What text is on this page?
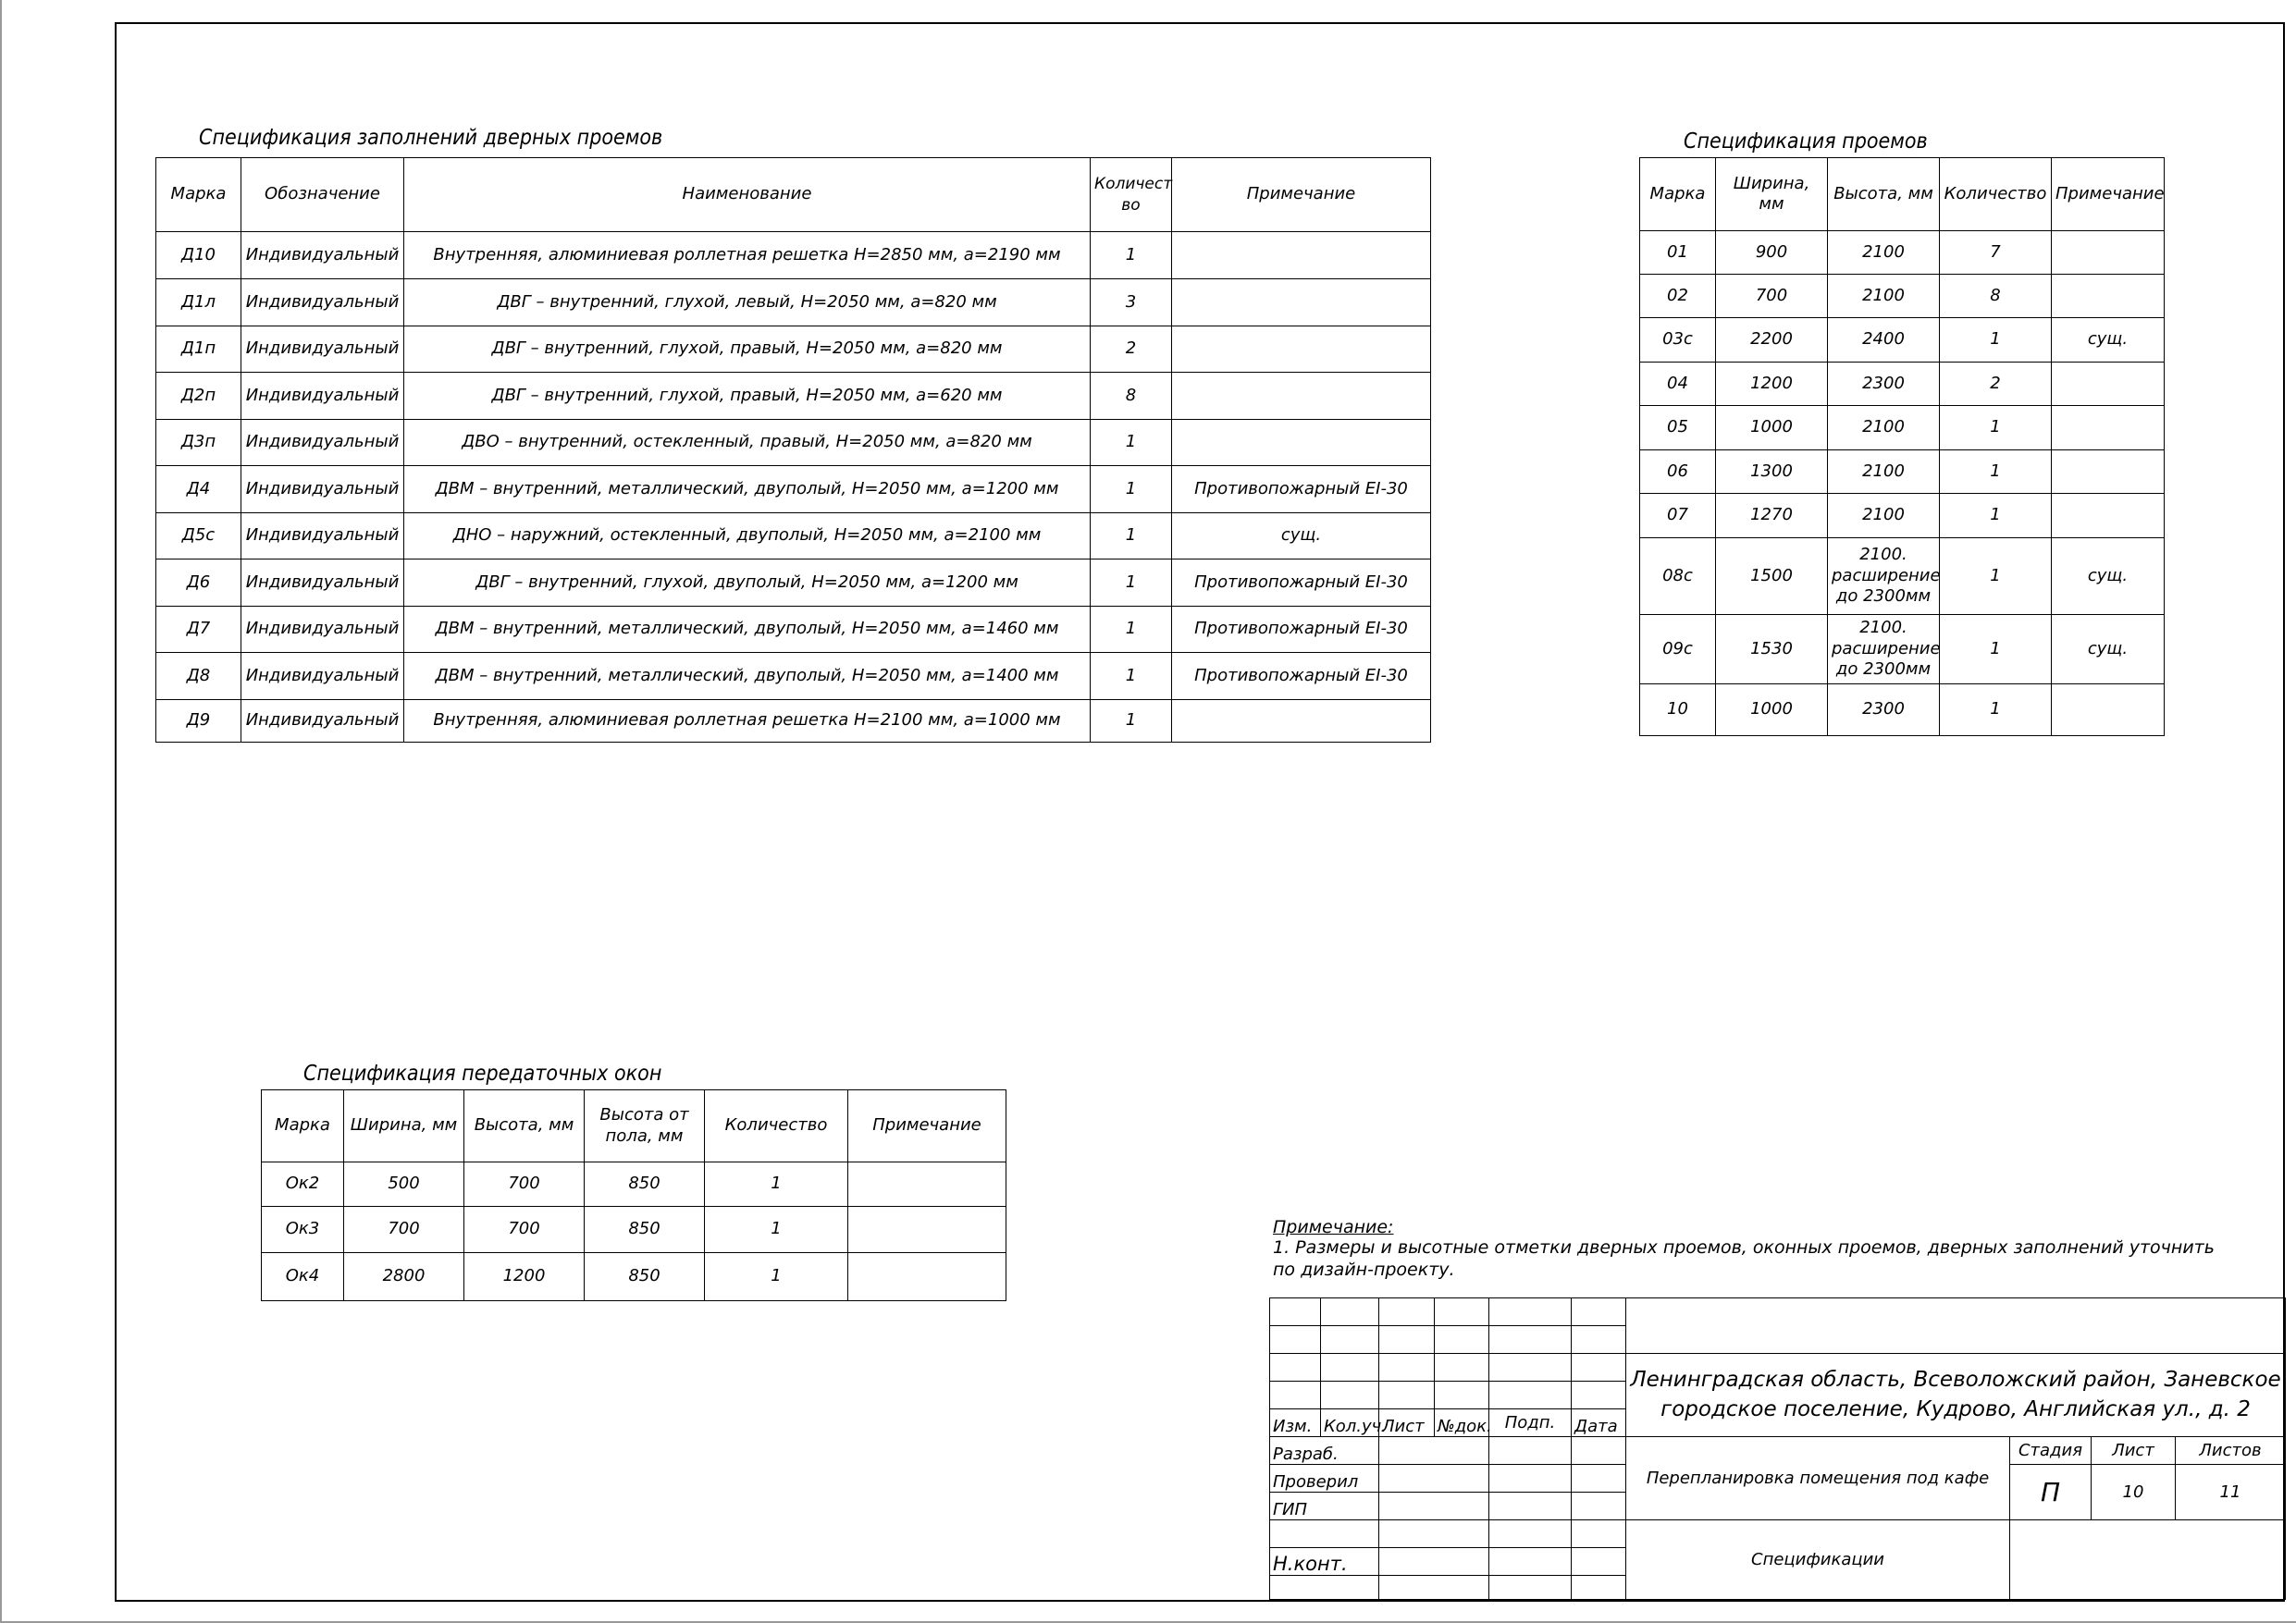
Спецификация заполнений дверных проемов
Марка	Обозначение	Наименование	Количест во	Примечание
Д10	Индивидуальный	Внутренняя, алюминиевая роллетная решетка H=2850 мм, a=2190 мм	1	
Д1л	Индивидуальный	ДВГ – внутренний, глухой, левый, H=2050 мм, a=820 мм	3	
Д1п	Индивидуальный	ДВГ – внутренний, глухой, правый, H=2050 мм, a=820 мм	2	
Д2п	Индивидуальный	ДВГ – внутренний, глухой, правый, H=2050 мм, a=620 мм	8	
Д3п	Индивидуальный	ДВО – внутренний, остекленный, правый, H=2050 мм, a=820 мм	1	
Д4	Индивидуальный	ДВМ – внутренний, металлический, двуполый, H=2050 мм, a=1200 мм	1	Противопожарный EI-30
Д5с	Индивидуальный	ДНО – наружний, остекленный, двуполый, H=2050 мм, a=2100 мм	1	сущ.
Д6	Индивидуальный	ДВГ – внутренний, глухой, двуполый, H=2050 мм, a=1200 мм	1	Противопожарный EI-30
Д7	Индивидуальный	ДВМ – внутренний, металлический, двуполый, H=2050 мм, a=1460 мм	1	Противопожарный EI-30
Д8	Индивидуальный	ДВМ – внутренний, металлический, двуполый, H=2050 мм, a=1400 мм	1	Противопожарный EI-30
Д9	Индивидуальный	Внутренняя, алюминиевая роллетная решетка H=2100 мм, a=1000 мм	1	
Спецификация проемов
Марка	Ширина, мм	Высота, мм	Количество	Примечание
01	900	2100	7	
02	700	2100	8	
03с	2200	2400	1	сущ.
04	1200	2300	2	
05	1000	2100	1	
06	1300	2100	1	
07	1270	2100	1	
08с	1500	2100. расширение до 2300мм	1	сущ.
09с	1530	2100. расширение до 2300мм	1	сущ.
10	1000	2300	1	
Спецификация передаточных окон
Марка	Ширина, мм	Высота, мм	Высота от пола, мм	Количество	Примечание
Ок2	500	700	850	1	
Ок3	700	700	850	1	
Ок4	2800	1200	850	1	
Примечание:
1. Размеры и высотные отметки дверных проемов, оконных проемов, дверных заполнений уточнить по дизайн-проекту.

						Ленинградская область, Всеволожский район, Заневское городское поселение, Кудрово, Английская ул., д. 2			

Изм.	Кол.уч.	Лист	№док.	Подп.	Дата				
Разраб.						Перепланировка помещения под кафе	Стадия	Лист	Листов
Проверил							П	10	11
ГИП									
						Спецификации			
Н.конт.									
